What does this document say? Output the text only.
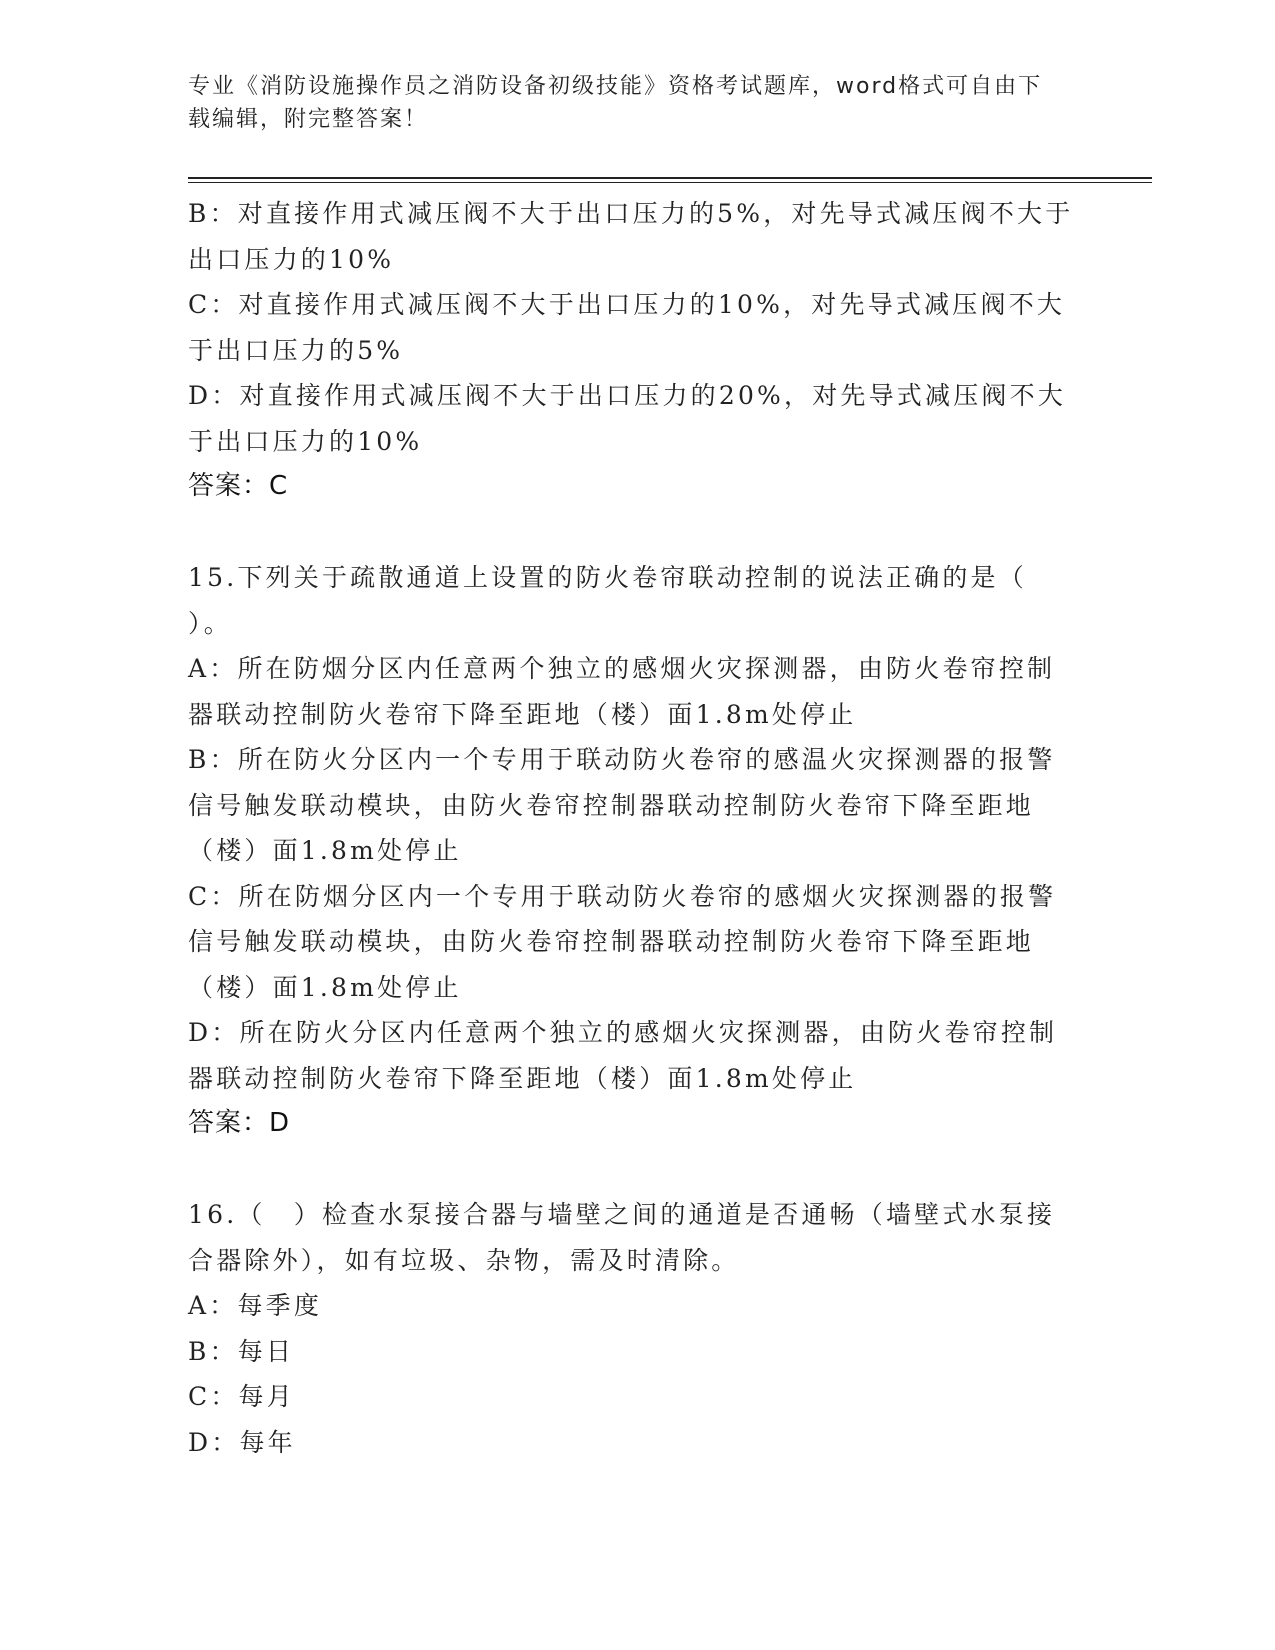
专业《消防设施操作员之消防设备初级技能》资格考试题库，word格式可自由下
载编辑，附完整答案！
B：对直接作用式减压阀不大于出口压力的5%，对先导式减压阀不大于
出口压力的10%
C：对直接作用式减压阀不大于出口压力的10%，对先导式减压阀不大
于出口压力的5%
D：对直接作用式减压阀不大于出口压力的20%，对先导式减压阀不大
于出口压力的10%
答案：C
15.下列关于疏散通道上设置的防火卷帘联动控制的说法正确的是（
）。
A：所在防烟分区内任意两个独立的感烟火灾探测器，由防火卷帘控制
器联动控制防火卷帘下降至距地（楼）面1.8m处停止
B：所在防火分区内一个专用于联动防火卷帘的感温火灾探测器的报警
信号触发联动模块，由防火卷帘控制器联动控制防火卷帘下降至距地
（楼）面1.8m处停止
C：所在防烟分区内一个专用于联动防火卷帘的感烟火灾探测器的报警
信号触发联动模块，由防火卷帘控制器联动控制防火卷帘下降至距地
（楼）面1.8m处停止
D：所在防火分区内任意两个独立的感烟火灾探测器，由防火卷帘控制
器联动控制防火卷帘下降至距地（楼）面1.8m处停止
答案：D
16.（　）检查水泵接合器与墙壁之间的通道是否通畅（墙壁式水泵接
合器除外），如有垃圾、杂物，需及时清除。
A：每季度
B：每日
C：每月
D：每年
